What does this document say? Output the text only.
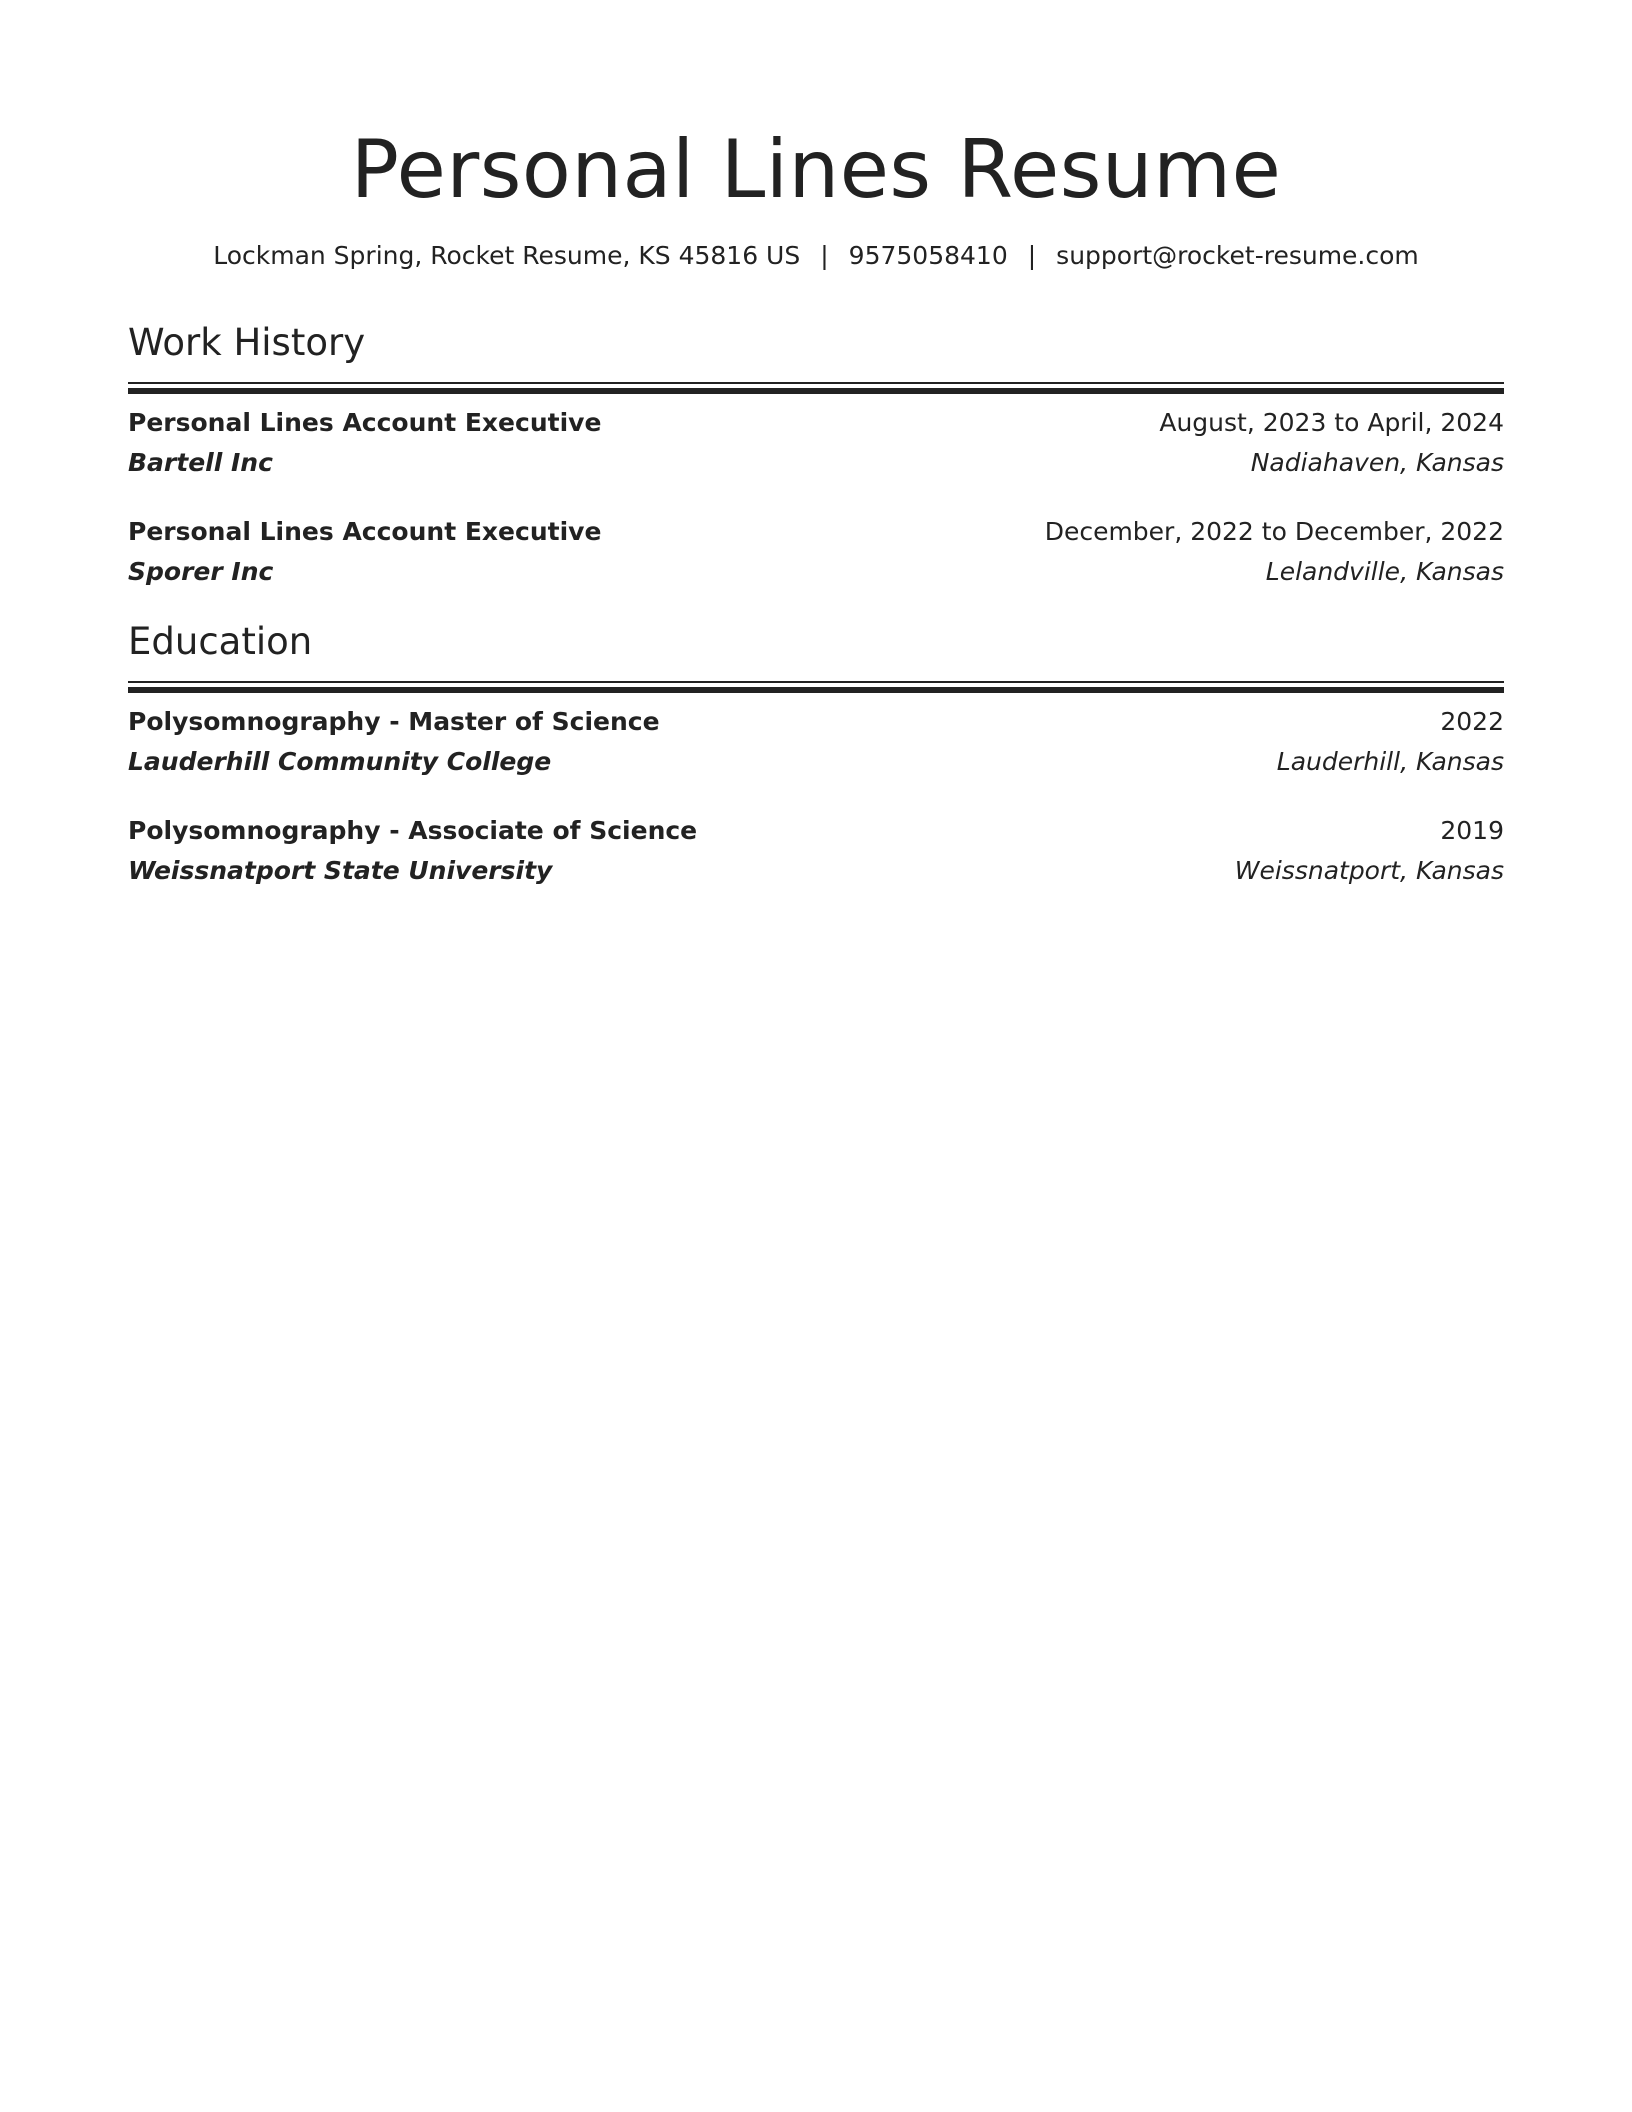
Personal Lines Resume
Lockman Spring, Rocket Resume, KS 45816 US | 9575058410 | support@rocket-resume.com
Work History
Personal Lines Account Executive	August, 2023 to April, 2024
Bartell Inc	Nadiahaven, Kansas
Personal Lines Account Executive	December, 2022 to December, 2022
Sporer Inc	Lelandville, Kansas
Education
Polysomnography - Master of Science	2022
Lauderhill Community College	Lauderhill, Kansas
Polysomnography - Associate of Science	2019
Weissnatport State University	Weissnatport, Kansas
